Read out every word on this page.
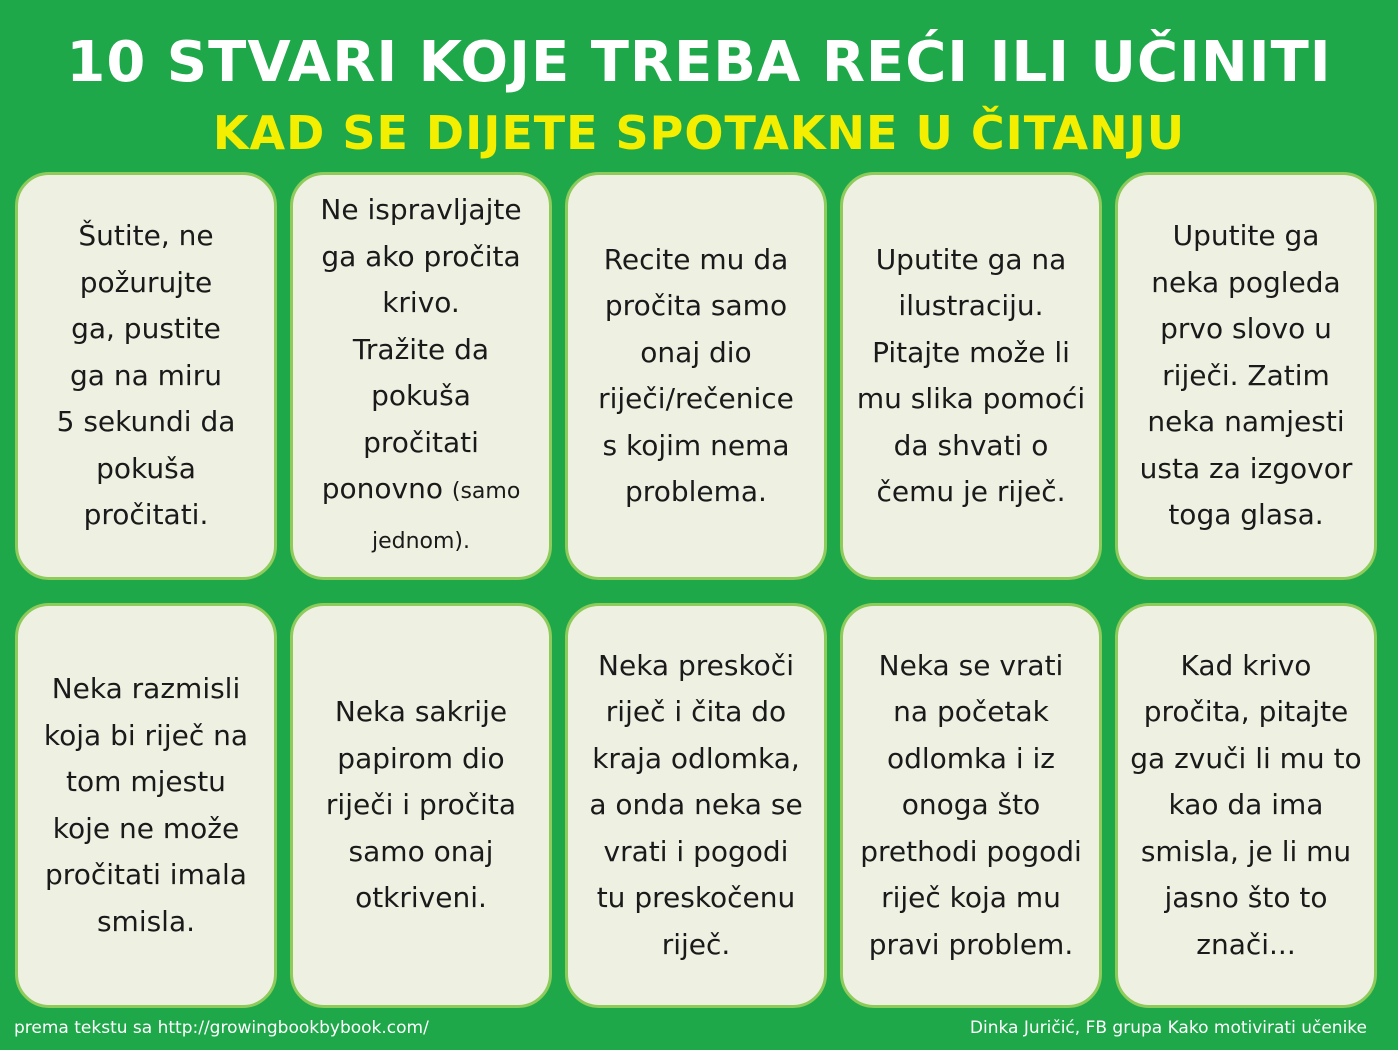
10 STVARI KOJE TREBA REĆI ILI UČINITI
KAD SE DIJETE SPOTAKNE U ČITANJU

Šutite, ne
požurujte
ga, pustite
ga na miru
5 sekundi da
pokuša
pročitati.

Ne ispravljajte
ga ako pročita
krivo.
Tražite da
pokuša
pročitati
ponovno (samo
jednom).

Recite mu da
pročita samo
onaj dio
riječi/rečenice
s kojim nema
problema.

Uputite ga na
ilustraciju.
Pitajte može li
mu slika pomoći
da shvati o
čemu je riječ.

Uputite ga
neka pogleda
prvo slovo u
riječi. Zatim
neka namjesti
usta za izgovor
toga glasa.

Neka razmisli
koja bi riječ na
tom mjestu
koje ne može
pročitati imala
smisla.

Neka sakrije
papirom dio
riječi i pročita
samo onaj
otkriveni.

Neka preskoči
riječ i čita do
kraja odlomka,
a onda neka se
vrati i pogodi
tu preskočenu
riječ.

Neka se vrati
na početak
odlomka i iz
onoga što
prethodi pogodi
riječ koja mu
pravi problem.

Kad krivo
pročita, pitajte
ga zvuči li mu to
kao da ima
smisla, je li mu
jasno što to
znači...

prema tekstu sa http://growingbookbybook.com/	Dinka Juričić, FB grupa Kako motivirati učenike
